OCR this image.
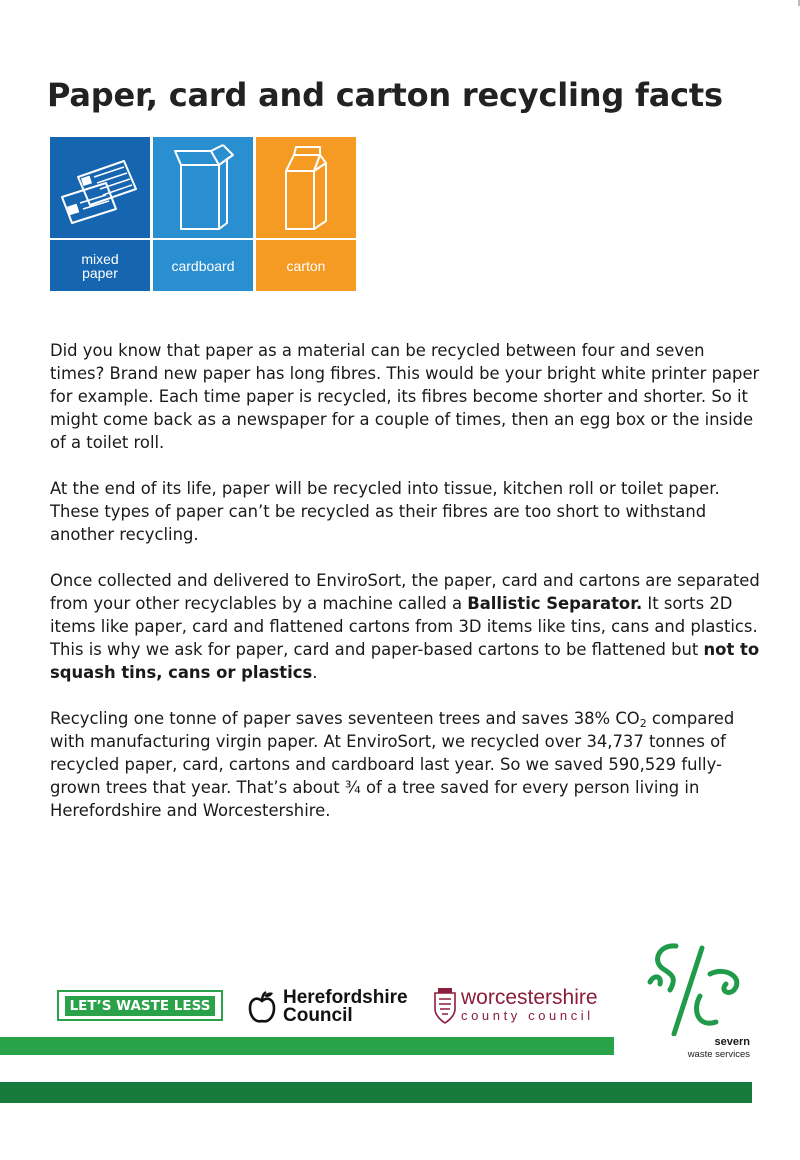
Paper, card and carton recycling facts
mixed
paper	cardboard	carton

Did you know that paper as a material can be recycled between four and seven times? Brand new paper has long fibres. This would be your bright white printer paper for example. Each time paper is recycled, its fibres become shorter and shorter. So it might come back as a newspaper for a couple of times, then an egg box or the inside of a toilet roll.

At the end of its life, paper will be recycled into tissue, kitchen roll or toilet paper. These types of paper can’t be recycled as their fibres are too short to withstand another recycling.

Once collected and delivered to EnviroSort, the paper, card and cartons are separated from your other recyclables by a machine called a Ballistic Separator. It sorts 2D items like paper, card and flattened cartons from 3D items like tins, cans and plastics. This is why we ask for paper, card and paper-based cartons to be flattened but not to squash tins, cans or plastics.

Recycling one tonne of paper saves seventeen trees and saves 38% $CO_2$ compared with manufacturing virgin paper. At EnviroSort, we recycled over 34,737 tonnes of recycled paper, card, cartons and cardboard last year. So we saved 590,529 fully-grown trees that year. That’s about ¾ of a tree saved for every person living in Herefordshire and Worcestershire.

LET’S WASTE LESS	Herefordshire
Council
worcestershire
county council
severn
waste services
